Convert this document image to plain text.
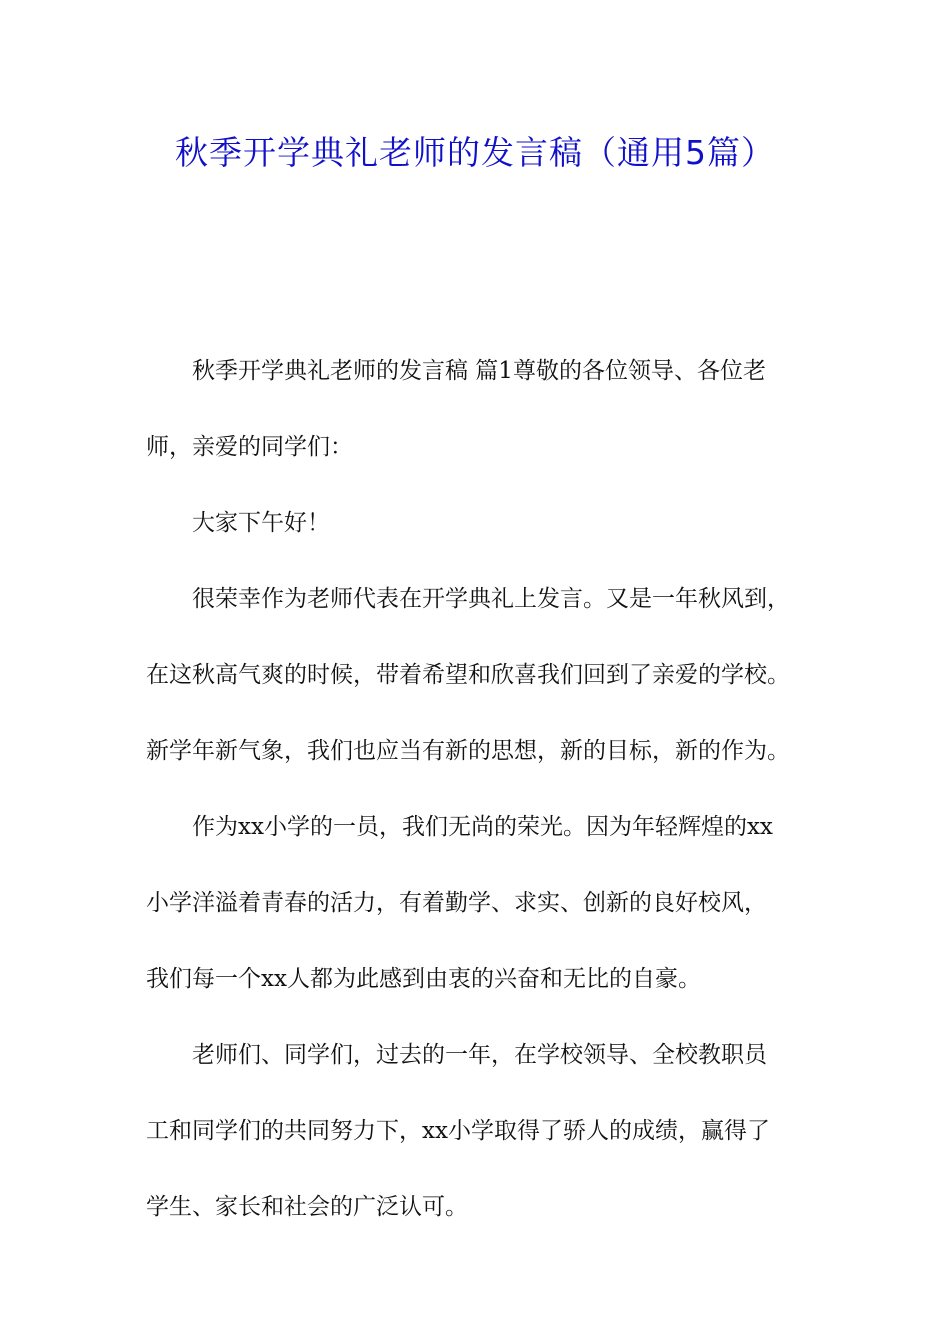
秋季开学典礼老师的发言稿（通用5篇）

秋季开学典礼老师的发言稿 篇1尊敬的各位领导、各位老
师，亲爱的同学们：

大家下午好！

很荣幸作为老师代表在开学典礼上发言。又是一年秋风到，
在这秋高气爽的时候，带着希望和欣喜我们回到了亲爱的学校。
新学年新气象，我们也应当有新的思想，新的目标，新的作为。

作为xx小学的一员，我们无尚的荣光。因为年轻辉煌的xx
小学洋溢着青春的活力，有着勤学、求实、创新的良好校风，
我们每一个xx人都为此感到由衷的兴奋和无比的自豪。

老师们、同学们，过去的一年，在学校领导、全校教职员
工和同学们的共同努力下，xx小学取得了骄人的成绩，赢得了
学生、家长和社会的广泛认可。
